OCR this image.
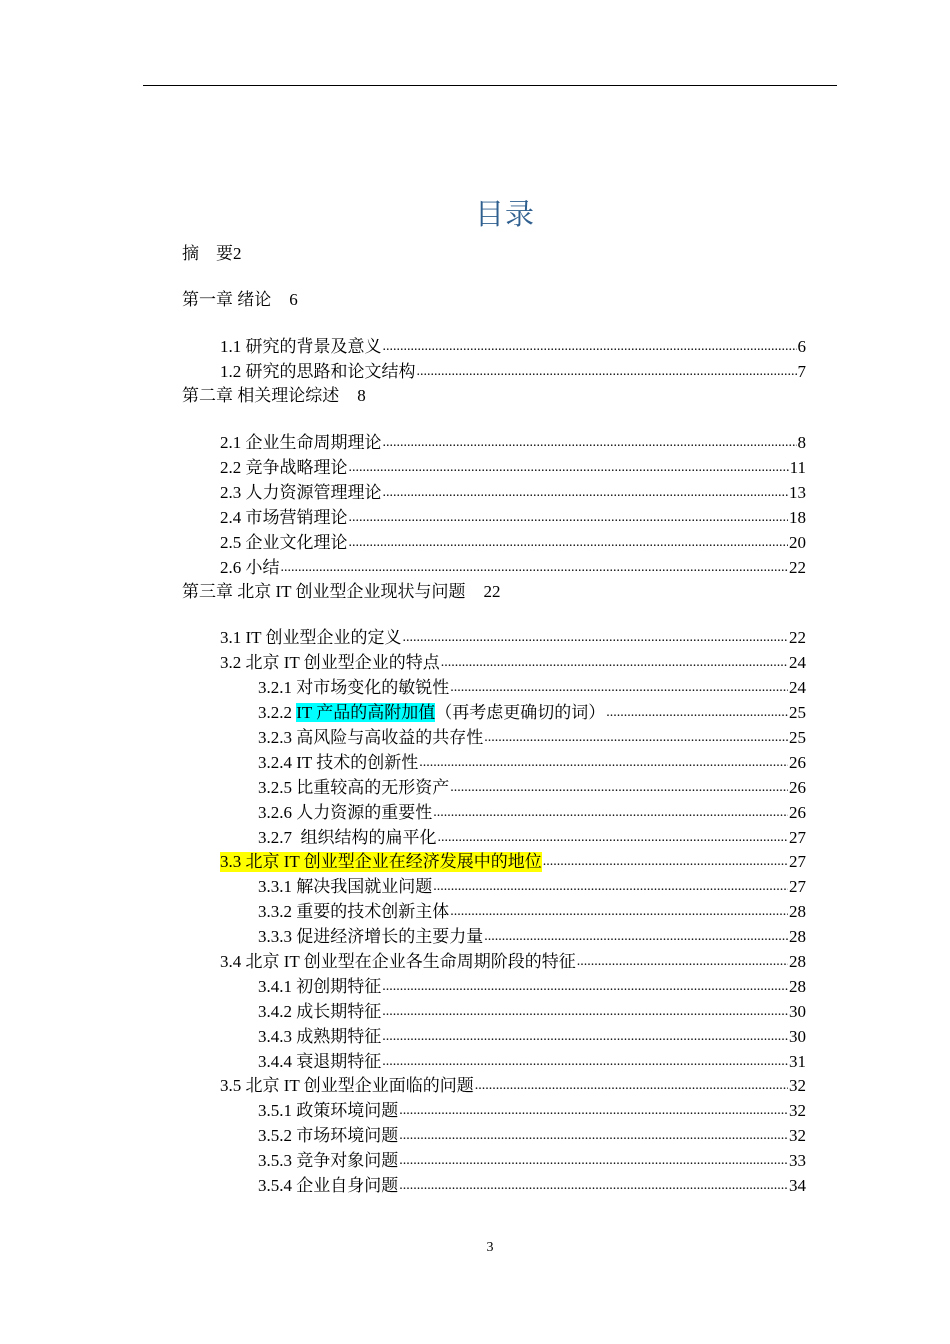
目录
摘　要2
第一章 绪论 6
1.1 研究的背景及意义 .....	6
1.2 研究的思路和论文结构 .....	7
第二章 相关理论综述 8
2.1 企业生命周期理论 .....	8
2.2 竞争战略理论 .....	11
2.3 人力资源管理理论 .....	13
2.4 市场营销理论 .....	18
2.5 企业文化理论 .....	20
2.6 小结 .....	22
第三章 北京 IT 创业型企业现状与问题 22
3.1 IT 创业型企业的定义 .....	22
3.2 北京 IT 创业型企业的特点 .....	24
3.2.1 对市场变化的敏锐性 .....	24
3.2.2 IT 产品的高附加值（再考虑更确切的词） .....	25
3.2.3 高风险与高收益的共存性 .....	25
3.2.4 IT 技术的创新性 .....	26
3.2.5 比重较高的无形资产 .....	26
3.2.6 人力资源的重要性 .....	26
3.2.7  组织结构的扁平化 .....	27
3.3 北京 IT 创业型企业在经济发展中的地位 .....	27
3.3.1 解决我国就业问题 .....	27
3.3.2 重要的技术创新主体 .....	28
3.3.3 促进经济增长的主要力量 .....	28
3.4 北京 IT 创业型在企业各生命周期阶段的特征 .....	28
3.4.1 初创期特征 .....	28
3.4.2 成长期特征 .....	30
3.4.3 成熟期特征 .....	30
3.4.4 衰退期特征 .....	31
3.5 北京 IT 创业型企业面临的问题 .....	32
3.5.1 政策环境问题 .....	32
3.5.2 市场环境问题 .....	32
3.5.3 竞争对象问题 .....	33
3.5.4 企业自身问题 .....	34
3
